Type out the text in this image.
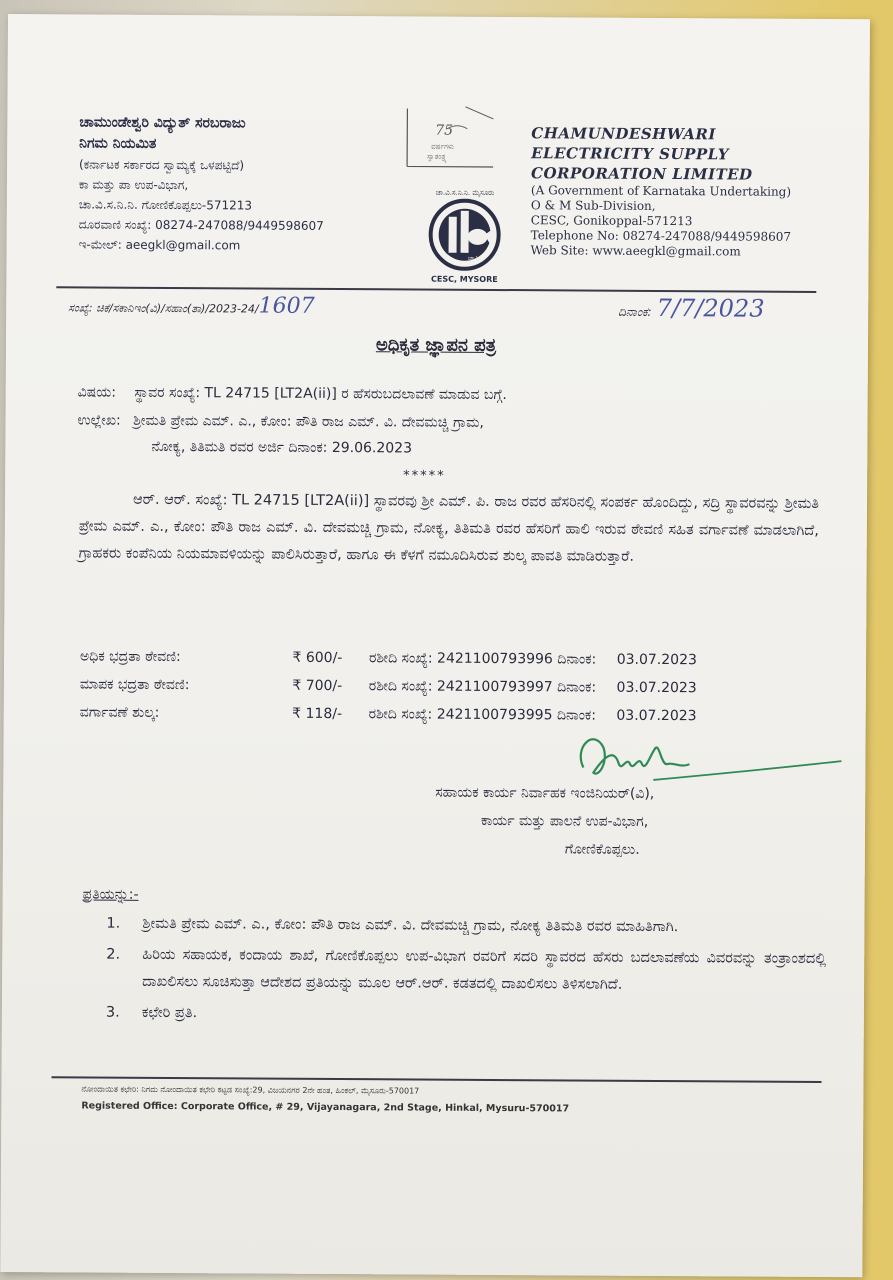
ಚಾಮುಂಡೇಶ್ವರಿ ವಿದ್ಯುತ್ ಸರಬರಾಜು
ನಿಗಮ ನಿಯಮಿತ
(ಕರ್ನಾಟಕ ಸರ್ಕಾರದ ಸ್ವಾಮ್ಯಕ್ಕೆ ಒಳಪಟ್ಟಿದೆ)
ಕಾ ಮತ್ತು ಪಾ ಉಪ-ವಿಭಾಗ,
ಚಾ.ವಿ.ಸ.ನಿ.ನಿ. ಗೋಣಿಕೊಪ್ಪಲು-571213
ದೂರವಾಣಿ ಸಂಖ್ಯೆ: 08274-247088/9449598607
ಇ-ಮೇಲ್: aeegkl@gmail.com
75
ವರ್ಷಗಳು
ಸ್ವಾತಂತ್ರ್ಯ
ಚಾ.ವಿ.ಸ.ನಿ.ನಿ. ಮೈಸೂರು
CESC, MYSORE
ಚಾವಿಸ
CHAMUNDESHWARI
ELECTRICITY SUPPLY
CORPORATION LIMITED
(A Government of Karnataka Undertaking)
O & M Sub-Division,
CESC, Gonikoppal-571213
Telephone No: 08274-247088/9449598607
Web Site: www.aeegkl@gmail.com
ಸಂಖ್ಯೆ: ಚಿಕೆ/ಸಕಾನಿಇಂ(ವಿ)/ಸಹಾಂ(ತಾ)/2023-24/1607	ದಿನಾಂಕ: 7/7/2023
ಅಧಿಕೃತ ಜ್ಞಾಪನ ಪತ್ರ
ವಿಷಯ: ಸ್ಥಾವರ ಸಂಖ್ಯೆ: TL 24715 [LT2A(ii)] ರ ಹೆಸರುಬದಲಾವಣೆ ಮಾಡುವ ಬಗ್ಗೆ.
ಉಲ್ಲೇಖ: ಶ್ರೀಮತಿ ಪ್ರೇಮ ಎಮ್. ಎ., ಕೋಂ: ಪೌತಿ ರಾಜ ಎಮ್. ವಿ. ದೇವಮಚ್ಚಿ ಗ್ರಾಮ,
ನೋಕ್ಯ, ತಿತಿಮತಿ ರವರ ಅರ್ಜಿ ದಿನಾಂಕ: 29.06.2023
*****
ಆರ್. ಆರ್. ಸಂಖ್ಯೆ: TL 24715 [LT2A(ii)] ಸ್ಥಾವರವು ಶ್ರೀ ಎಮ್. ಪಿ. ರಾಜ ರವರ ಹೆಸರಿನಲ್ಲಿ ಸಂಪರ್ಕ ಹೊಂದಿದ್ದು, ಸದ್ರಿ ಸ್ಥಾವರವನ್ನು ಶ್ರೀಮತಿ ಪ್ರೇಮ ಎಮ್. ಎ., ಕೋಂ: ಪೌತಿ ರಾಜ ಎಮ್. ವಿ. ದೇವಮಚ್ಚಿ ಗ್ರಾಮ, ನೋಕ್ಯ, ತಿತಿಮತಿ ರವರ ಹೆಸರಿಗೆ ಹಾಲಿ ಇರುವ ಠೇವಣಿ ಸಹಿತ ವರ್ಗಾವಣೆ ಮಾಡಲಾಗಿದೆ, ಗ್ರಾಹಕರು ಕಂಪೆನಿಯ ನಿಯಮಾವಳಿಯನ್ನು ಪಾಲಿಸಿರುತ್ತಾರೆ, ಹಾಗೂ ಈ ಕೆಳಗೆ ನಮೂದಿಸಿರುವ ಶುಲ್ಕ ಪಾವತಿ ಮಾಡಿರುತ್ತಾರೆ.
ಅಧಿಕ ಭದ್ರತಾ ಠೇವಣಿ:	₹ 600/- ರಶೀದಿ ಸಂಖ್ಯೆ: 2421100793996 ದಿನಾಂಕ: 03.07.2023
ಮಾಪಕ ಭದ್ರತಾ ಠೇವಣಿ:	₹ 700/- ರಶೀದಿ ಸಂಖ್ಯೆ: 2421100793997 ದಿನಾಂಕ: 03.07.2023
ವರ್ಗಾವಣೆ ಶುಲ್ಕ:	₹ 118/- ರಶೀದಿ ಸಂಖ್ಯೆ: 2421100793995 ದಿನಾಂಕ: 03.07.2023
ಸಹಾಯಕ ಕಾರ್ಯ ನಿರ್ವಾಹಕ ಇಂಜಿನಿಯರ್(ವಿ),
ಕಾರ್ಯ ಮತ್ತು ಪಾಲನೆ ಉಪ-ವಿಭಾಗ,
ಗೋಣಿಕೊಪ್ಪಲು.
ಪ್ರತಿಯನ್ನು:-
1.	ಶ್ರೀಮತಿ ಪ್ರೇಮ ಎಮ್. ಎ., ಕೋಂ: ಪೌತಿ ರಾಜ ಎಮ್. ವಿ. ದೇವಮಚ್ಚಿ ಗ್ರಾಮ, ನೋಕ್ಯ ತಿತಿಮತಿ ರವರ ಮಾಹಿತಿಗಾಗಿ.
2.	ಹಿರಿಯ ಸಹಾಯಕ, ಕಂದಾಯ ಶಾಖೆ, ಗೋಣಿಕೊಪ್ಪಲು ಉಪ-ವಿಭಾಗ ರವರಿಗೆ ಸದರಿ ಸ್ಥಾವರದ ಹೆಸರು ಬದಲಾವಣೆಯ ವಿವರವನ್ನು ತಂತ್ರಾಂಶದಲ್ಲಿ ದಾಖಲಿಸಲು ಸೂಚಿಸುತ್ತಾ ಆದೇಶದ ಪ್ರತಿಯನ್ನು ಮೂಲ ಆರ್.ಆರ್. ಕಡತದಲ್ಲಿ ದಾಖಲಿಸಲು ತಿಳಿಸಲಾಗಿದೆ.
3.	ಕಛೇರಿ ಪ್ರತಿ.
ನೋಂದಾಯಿತ ಕಛೇರಿ: ನಿಗಮ ನೋಂದಾಯಿತ ಕಛೇರಿ ಕಟ್ಟಡ ಸಂಖ್ಯೆ:29, ವಿಜಯನಗರ 2ನೇ ಹಂತ, ಹಿಂಕಲ್, ಮೈಸೂರು-570017
Registered Office: Corporate Office, # 29, Vijayanagara, 2nd Stage, Hinkal, Mysuru-570017
